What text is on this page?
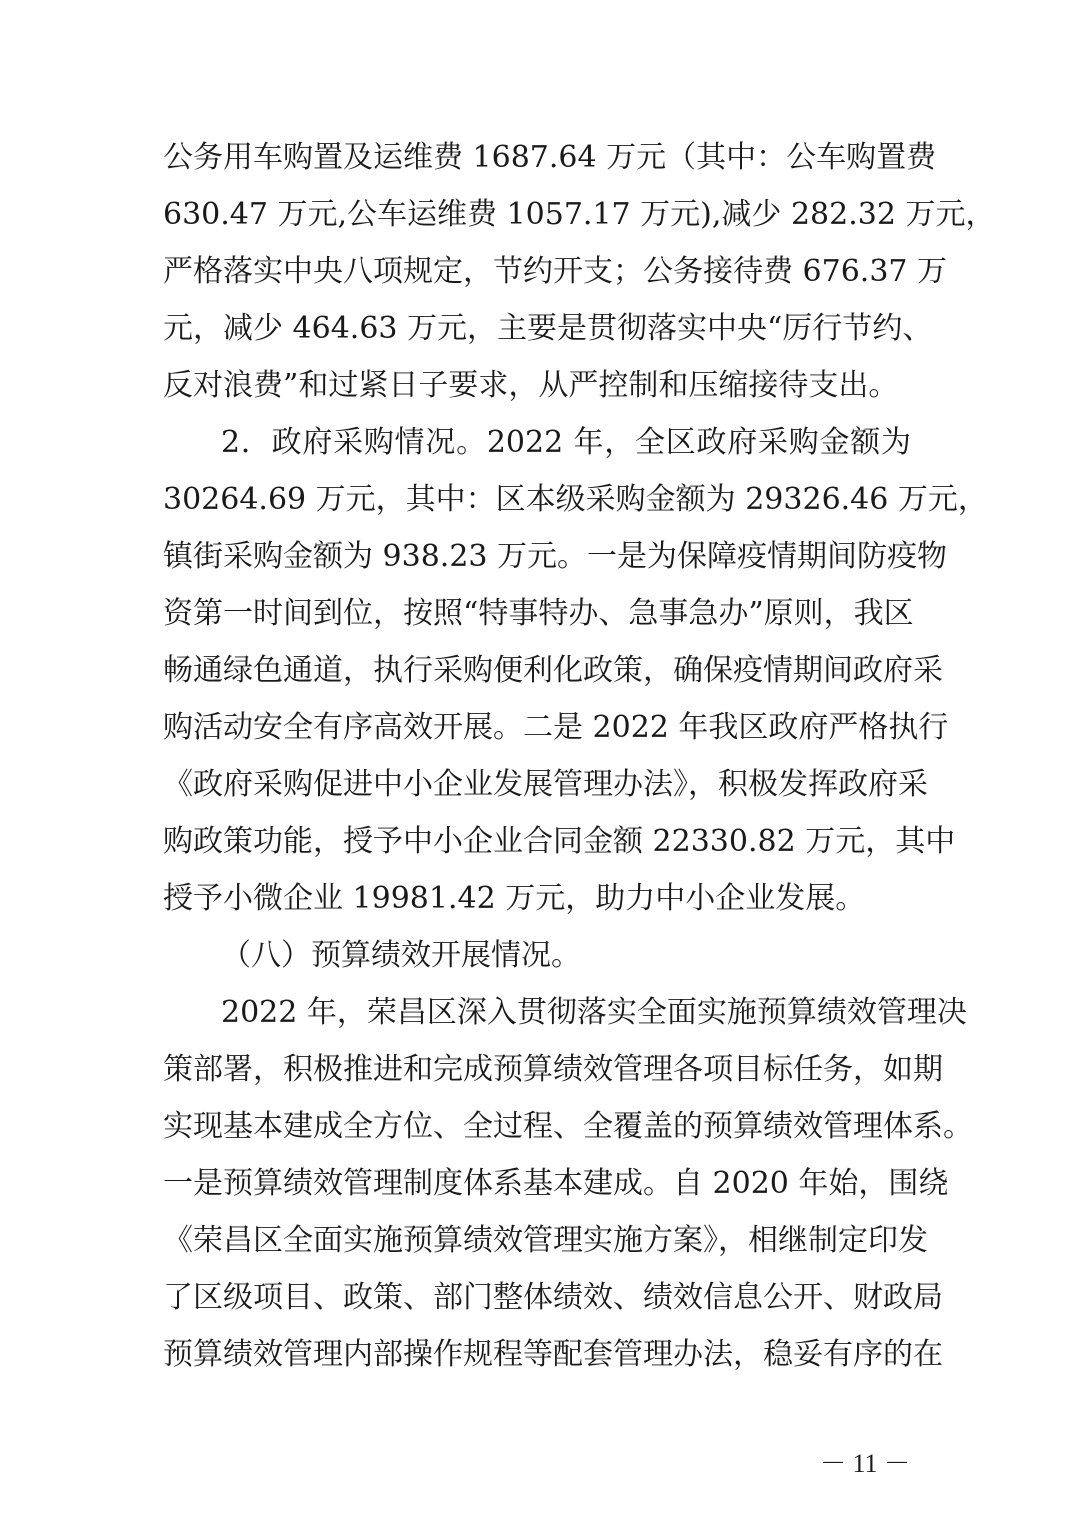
公务用车购置及运维费 1687.64 万元（其中：公车购置费
630.47 万元,公车运维费 1057.17 万元),减少 282.32 万元，
严格落实中央八项规定，节约开支；公务接待费 676.37 万
元，减少 464.63 万元，主要是贯彻落实中央“厉行节约、
反对浪费”和过紧日子要求，从严控制和压缩接待支出。
2．政府采购情况。2022 年，全区政府采购金额为
30264.69 万元，其中：区本级采购金额为 29326.46 万元，
镇街采购金额为 938.23 万元。一是为保障疫情期间防疫物
资第一时间到位，按照“特事特办、急事急办”原则，我区
畅通绿色通道，执行采购便利化政策，确保疫情期间政府采
购活动安全有序高效开展。二是 2022 年我区政府严格执行
《政府采购促进中小企业发展管理办法》，积极发挥政府采
购政策功能，授予中小企业合同金额 22330.82 万元，其中
授予小微企业 19981.42 万元，助力中小企业发展。
（八）预算绩效开展情况。
2022 年，荣昌区深入贯彻落实全面实施预算绩效管理决
策部署，积极推进和完成预算绩效管理各项目标任务，如期
实现基本建成全方位、全过程、全覆盖的预算绩效管理体系。
一是预算绩效管理制度体系基本建成。自 2020 年始，围绕
《荣昌区全面实施预算绩效管理实施方案》，相继制定印发
了区级项目、政策、部门整体绩效、绩效信息公开、财政局
预算绩效管理内部操作规程等配套管理办法，稳妥有序的在
－ 11 －
